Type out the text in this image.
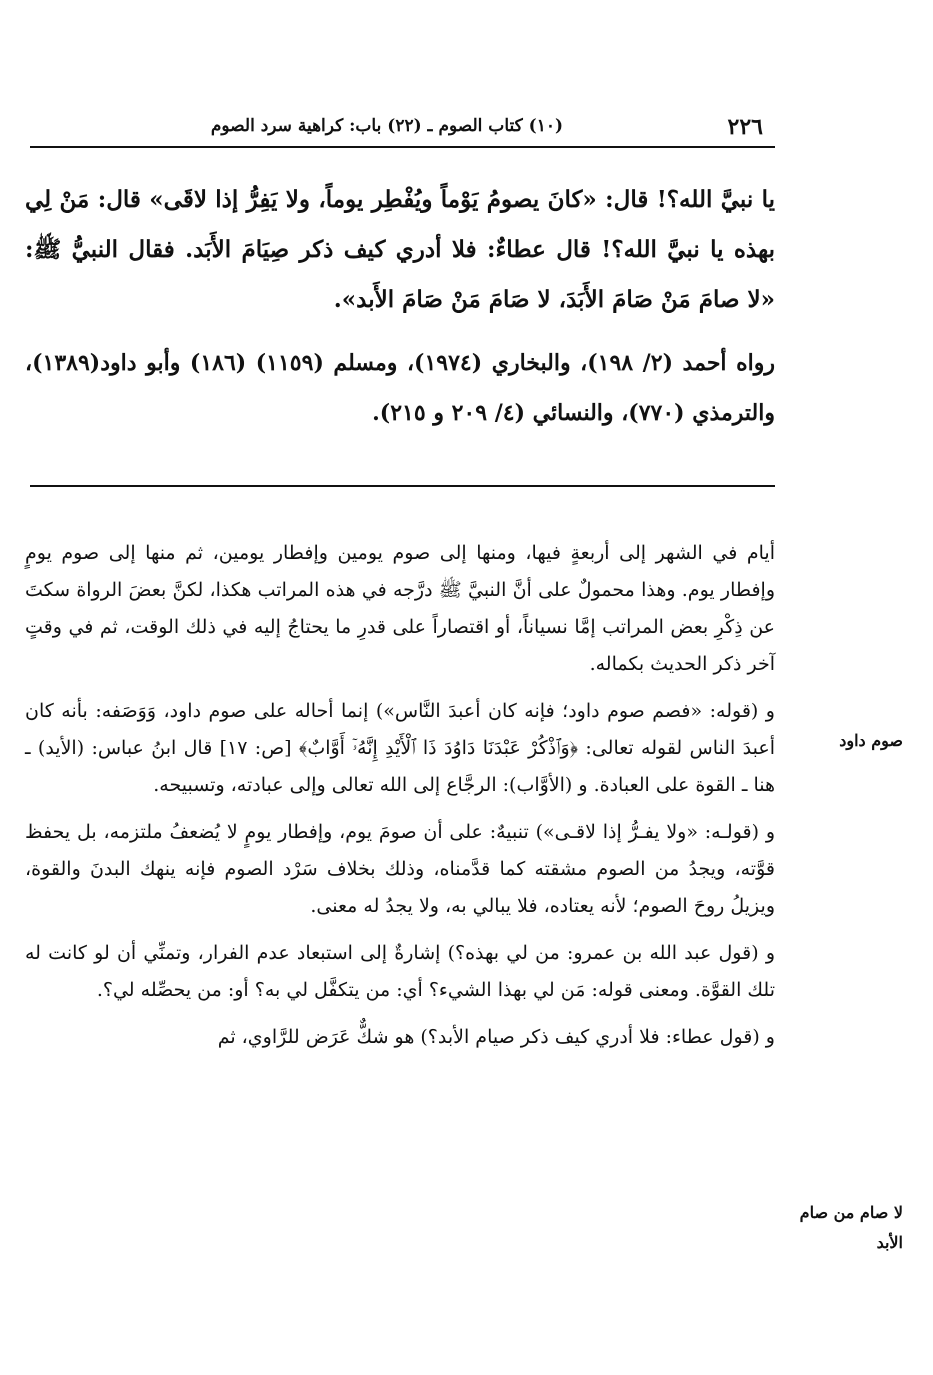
٢٢٦
(١٠) كتاب الصوم ـ (٢٢) باب: كراهية سرد الصوم
يا نبيَّ الله؟! قال: «كانَ يصومُ يَوْماً ويُفْطِر يوماً، ولا يَفِرُّ إذا لاقَى» قال: مَنْ لِي بهذه يا نبيَّ الله؟! قال عطاءٌ: فلا أدري كيف ذكر صِيَامَ الأَبَد. فقال النبيُّ ﷺ: «لا صامَ مَنْ صَامَ الأَبَدَ، لا صَامَ مَنْ صَامَ الأَبد».
رواه أحمد (٢/ ١٩٨)، والبخاري (١٩٧٤)، ومسلم (١١٥٩) (١٨٦) وأبو داود(١٣٨٩)، والترمذي (٧٧٠)، والنسائي (٤/ ٢٠٩ و ٢١٥).

أيام في الشهر إلى أربعةٍ فيها، ومنها إلى صوم يومين وإفطار يومين، ثم منها إلى صوم يومٍ وإفطار يوم. وهذا محمولٌ على أنَّ النبيَّ ﷺ درَّجه في هذه المراتب هكذا، لكنَّ بعضَ الرواة سكتَ عن ذِكْرِ بعض المراتب إمَّا نسياناً، أو اقتصاراً على قدرِ ما يحتاجُ إليه في ذلك الوقت، ثم في وقتٍ آخر ذكر الحديث بكماله.

و (قوله: «فصم صوم داود؛ فإنه كان أعبدَ النَّاس») إنما أحاله على صوم داود، وَوَصَفه: بأنه كان أعبدَ الناس لقوله تعالى: ﴿وَٱذْكُرْ عَبْدَنَا دَاوُدَ ذَا ٱلْأَيْدِ إِنَّهُۥٓ أَوَّابٌ﴾ [ص: ١٧] قال ابنُ عباس: (الأيد) ـ هنا ـ القوة على العبادة. و (الأوَّاب): الرجَّاع إلى الله تعالى وإلى عبادته، وتسبيحه.

و (قولـه: «ولا يفـرُّ إذا لاقـى») تنبيهٌ: على أن صومَ يوم، وإفطار يومٍ لا يُضعفُ ملتزمه، بل يحفظ قوَّته، ويجدُ من الصوم مشقته كما قدَّمناه، وذلك بخلاف سَرْد الصوم فإنه ينهك البدنَ والقوة، ويزيلُ روحَ الصوم؛ لأنه يعتاده، فلا يبالي به، ولا يجدُ له معنى.

و (قول عبد الله بن عمرو: من لي بهذه؟) إشارةٌ إلى استبعاد عدم الفرار، وتمنِّي أن لو كانت له تلك القوَّة. ومعنى قوله: مَن لي بهذا الشيء؟ أي: من يتكفَّل لي به؟ أو: من يحصِّله لي؟.

و (قول عطاء: فلا أدري كيف ذكر صيام الأبد؟) هو شكٌّ عَرَض للرَّاوي، ثم

صوم داود
لا صام من صام الأبد
